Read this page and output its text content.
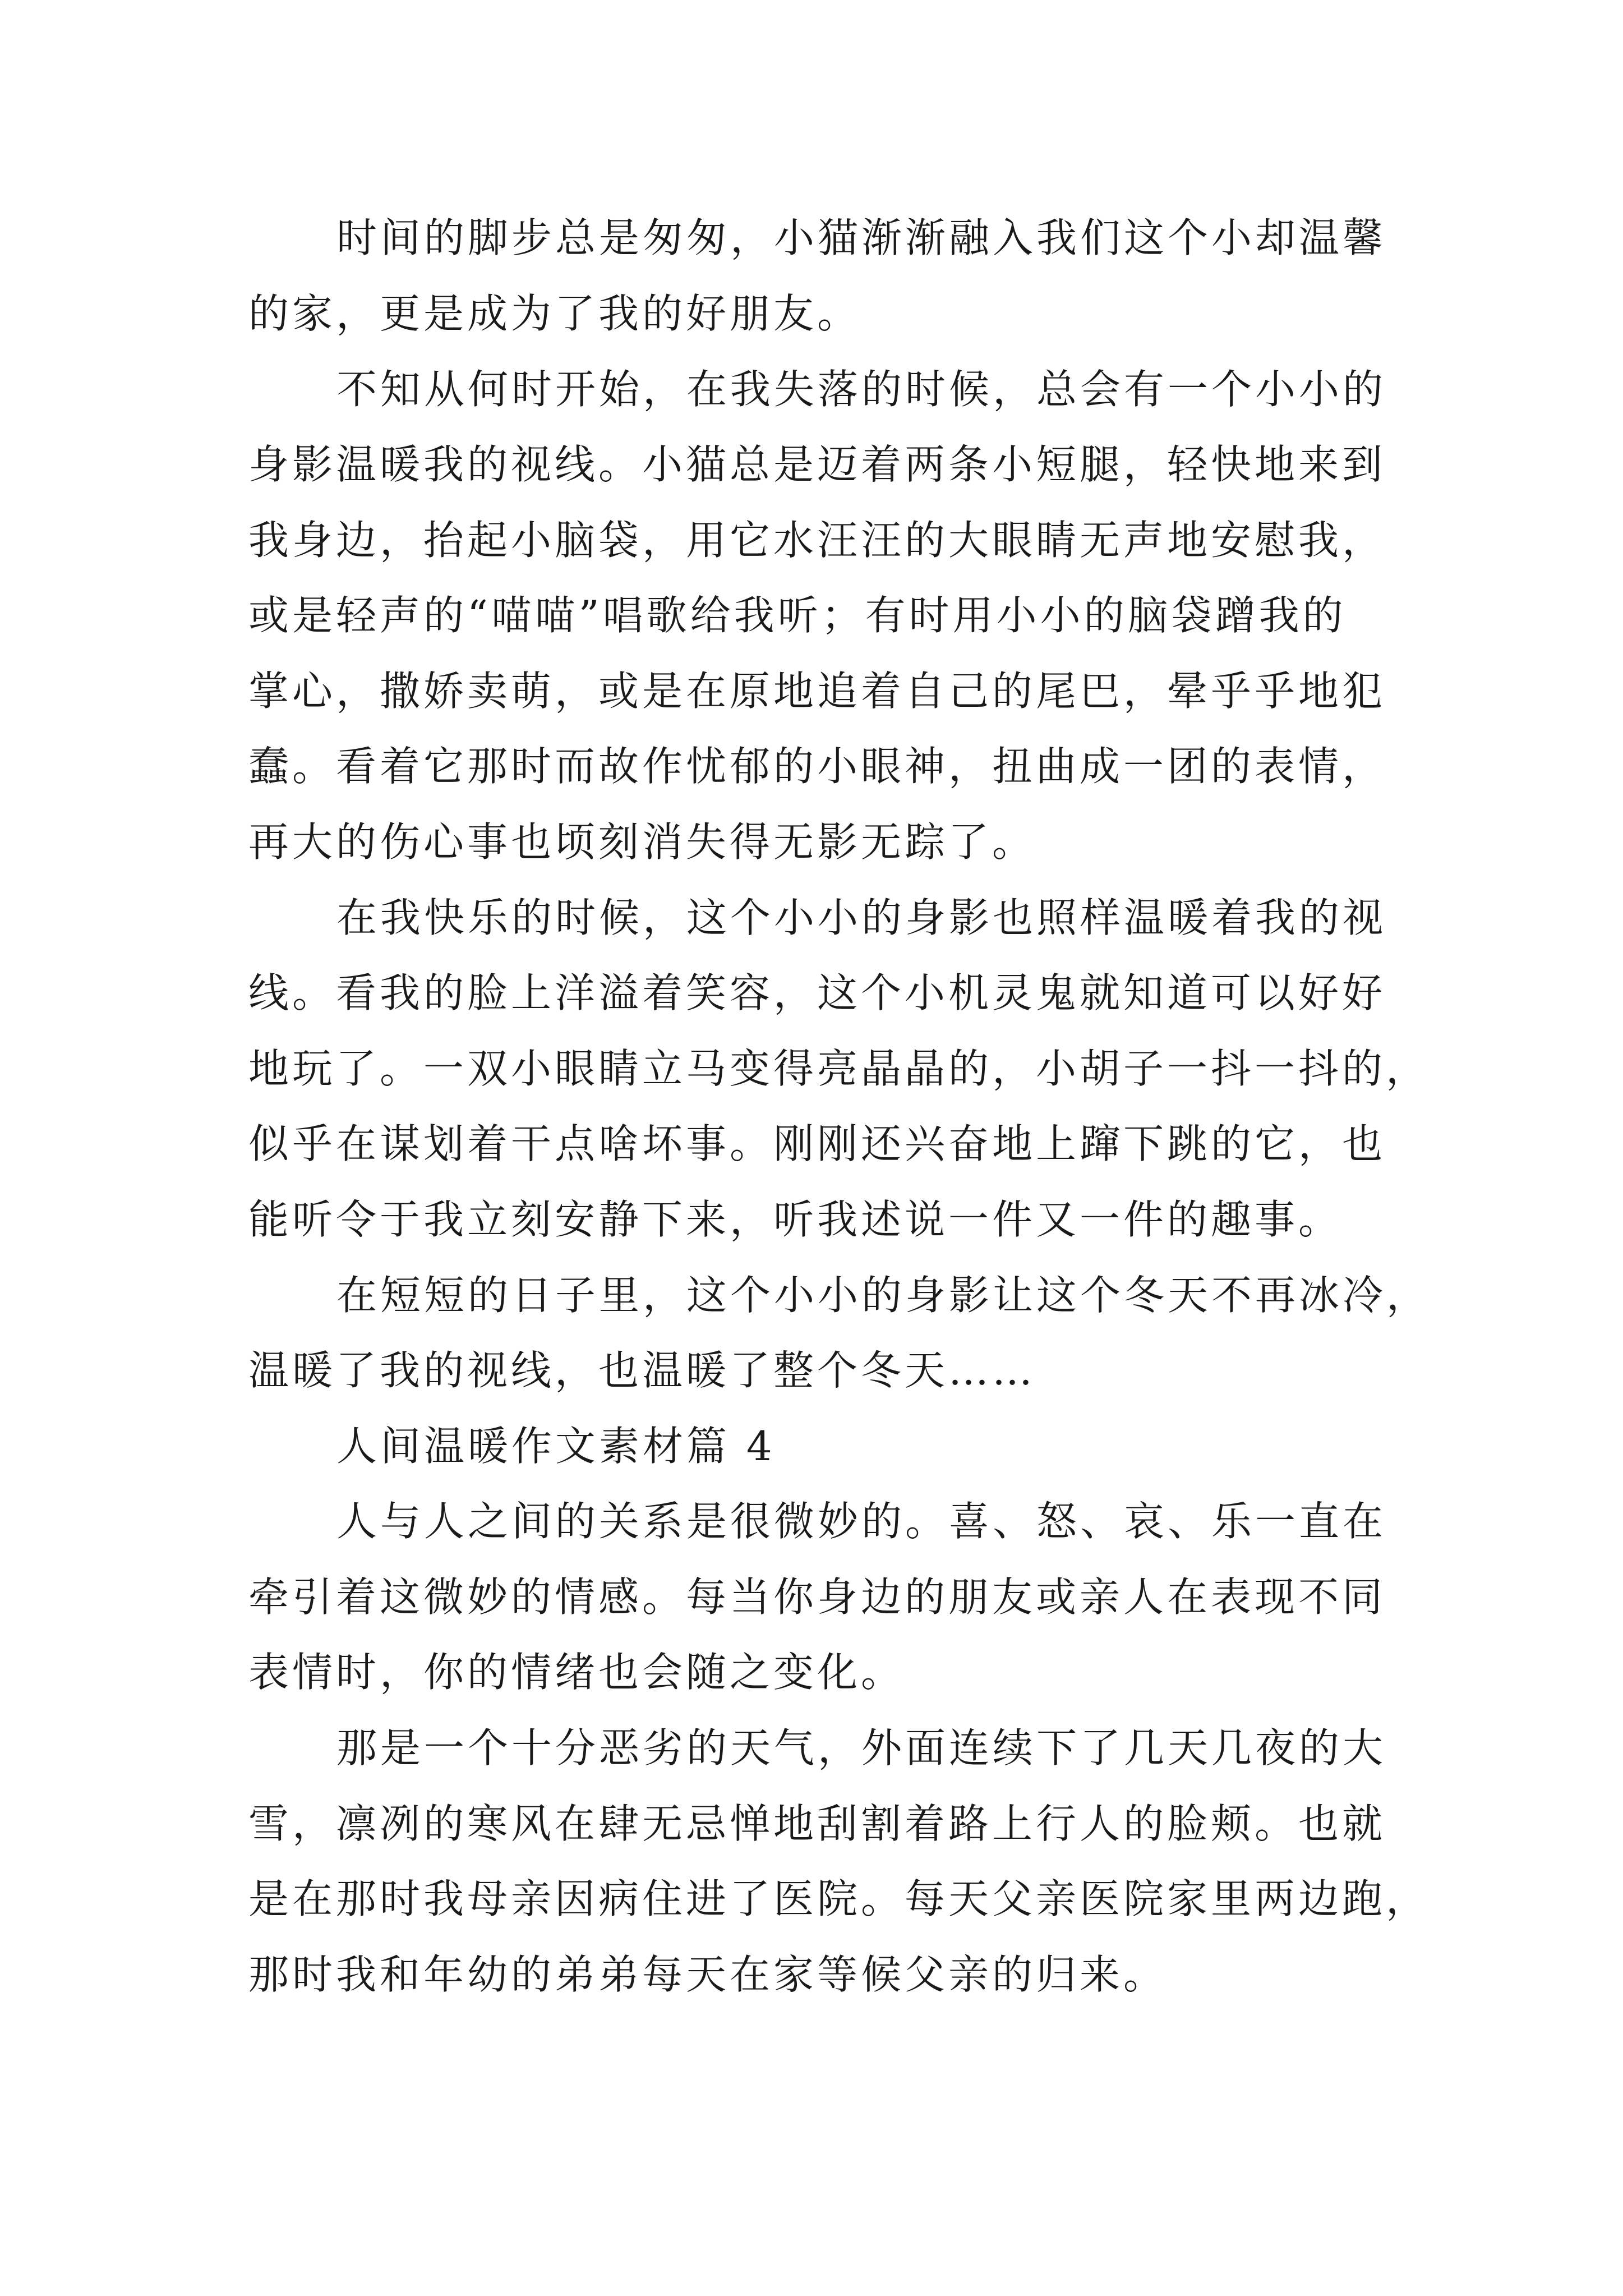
时间的脚步总是匆匆，小猫渐渐融入我们这个小却温馨
的家，更是成为了我的好朋友。
不知从何时开始，在我失落的时候，总会有一个小小的
身影温暖我的视线。小猫总是迈着两条小短腿，轻快地来到
我身边，抬起小脑袋，用它水汪汪的大眼睛无声地安慰我，
或是轻声的“喵喵”唱歌给我听；有时用小小的脑袋蹭我的
掌心，撒娇卖萌，或是在原地追着自己的尾巴，晕乎乎地犯
蠢。看着它那时而故作忧郁的小眼神，扭曲成一团的表情，
再大的伤心事也顷刻消失得无影无踪了。
在我快乐的时候，这个小小的身影也照样温暖着我的视
线。看我的脸上洋溢着笑容，这个小机灵鬼就知道可以好好
地玩了。一双小眼睛立马变得亮晶晶的，小胡子一抖一抖的，
似乎在谋划着干点啥坏事。刚刚还兴奋地上蹿下跳的它，也
能听令于我立刻安静下来，听我述说一件又一件的趣事。
在短短的日子里，这个小小的身影让这个冬天不再冰冷，
温暖了我的视线，也温暖了整个冬天……
人间温暖作文素材篇 4
人与人之间的关系是很微妙的。喜、怒、哀、乐一直在
牵引着这微妙的情感。每当你身边的朋友或亲人在表现不同
表情时，你的情绪也会随之变化。
那是一个十分恶劣的天气，外面连续下了几天几夜的大
雪，凛冽的寒风在肆无忌惮地刮割着路上行人的脸颊。也就
是在那时我母亲因病住进了医院。每天父亲医院家里两边跑，
那时我和年幼的弟弟每天在家等候父亲的归来。
